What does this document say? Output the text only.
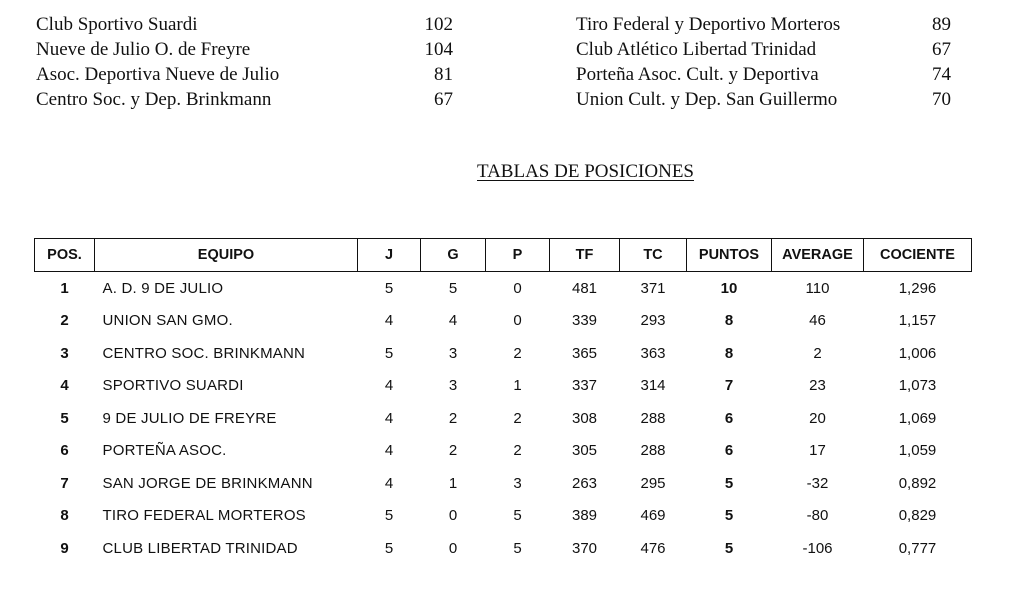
Club Sportivo Suardi	102
Nueve de Julio O. de Freyre	104
Asoc. Deportiva Nueve de Julio	81
Centro Soc. y Dep. Brinkmann	67
Tiro Federal y Deportivo Morteros	89
Club Atlético Libertad Trinidad	67
Porteña Asoc. Cult. y Deportiva	74
Union Cult. y Dep. San Guillermo	70
TABLAS DE POSICIONES
POS.	EQUIPO	J	G	P	TF	TC	PUNTOS	AVERAGE	COCIENTE
1	A. D. 9 DE JULIO	5	5	0	481	371	10	110	1,296
2	UNION SAN GMO.	4	4	0	339	293	8	46	1,157
3	CENTRO SOC. BRINKMANN	5	3	2	365	363	8	2	1,006
4	SPORTIVO SUARDI	4	3	1	337	314	7	23	1,073
5	9 DE JULIO DE FREYRE	4	2	2	308	288	6	20	1,069
6	PORTEÑA ASOC.	4	2	2	305	288	6	17	1,059
7	SAN JORGE DE BRINKMANN	4	1	3	263	295	5	-32	0,892
8	TIRO FEDERAL MORTEROS	5	0	5	389	469	5	-80	0,829
9	CLUB LIBERTAD TRINIDAD	5	0	5	370	476	5	-106	0,777
